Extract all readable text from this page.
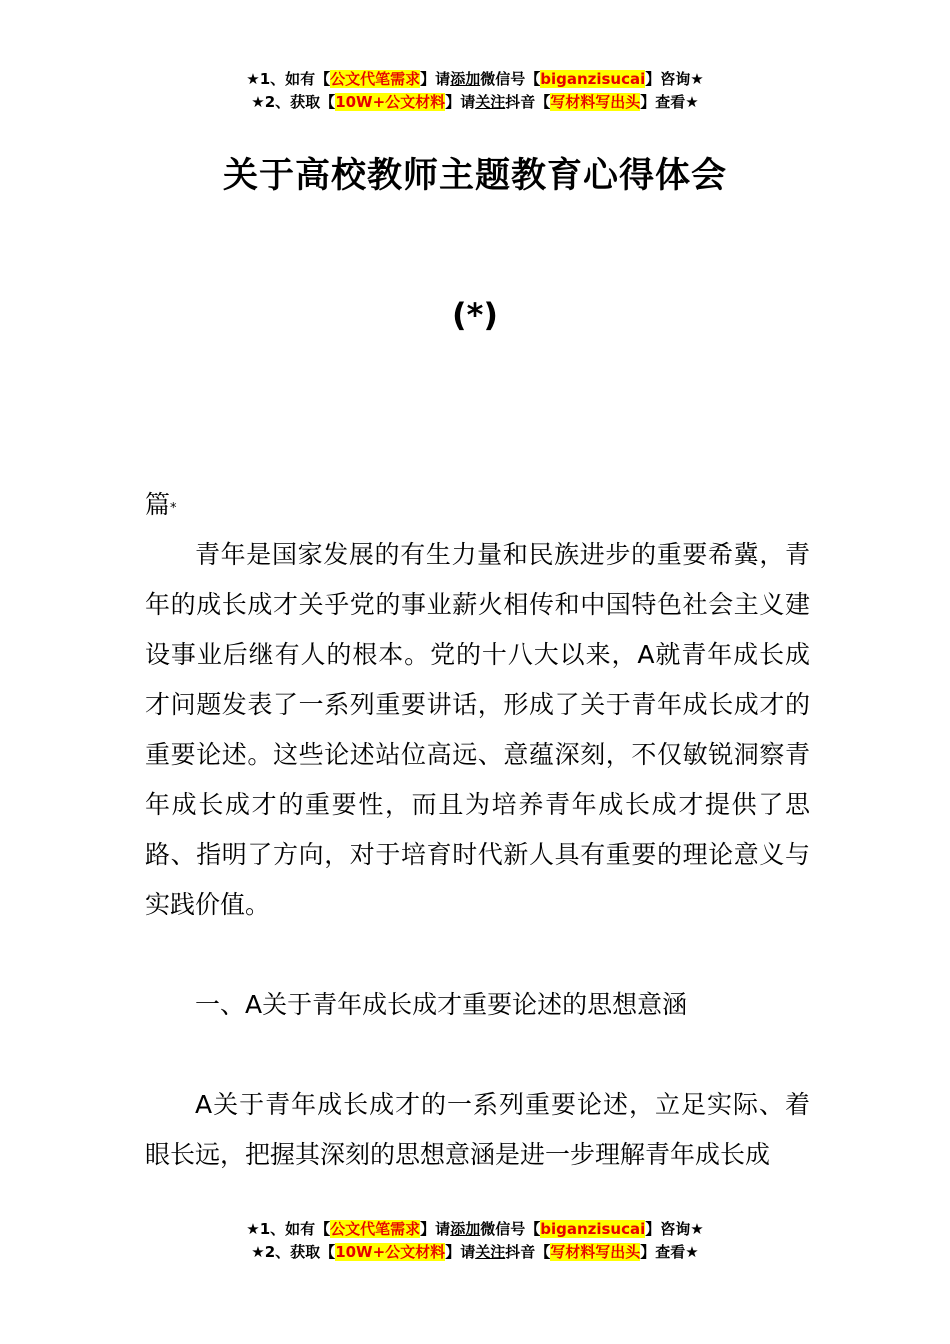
★1、如有【公文代笔需求】请添加微信号【biganzisucai】咨询★
★2、获取【10W+公文材料】请关注抖音【写材料写出头】查看★
关于高校教师主题教育心得体会
(*)
篇*
青年是国家发展的有生力量和民族进步的重要希冀，青年的成长成才关乎党的事业薪火相传和中国特色社会主义建设事业后继有人的根本。党的十八大以来，A就青年成长成才问题发表了一系列重要讲话，形成了关于青年成长成才的重要论述。这些论述站位高远、意蕴深刻，不仅敏锐洞察青年成长成才的重要性，而且为培养青年成长成才提供了思路、指明了方向，对于培育时代新人具有重要的理论意义与实践价值。
一、A关于青年成长成才重要论述的思想意涵
A关于青年成长成才的一系列重要论述，立足实际、着眼长远，把握其深刻的思想意涵是进一步理解青年成长成
★1、如有【公文代笔需求】请添加微信号【biganzisucai】咨询★
★2、获取【10W+公文材料】请关注抖音【写材料写出头】查看★
